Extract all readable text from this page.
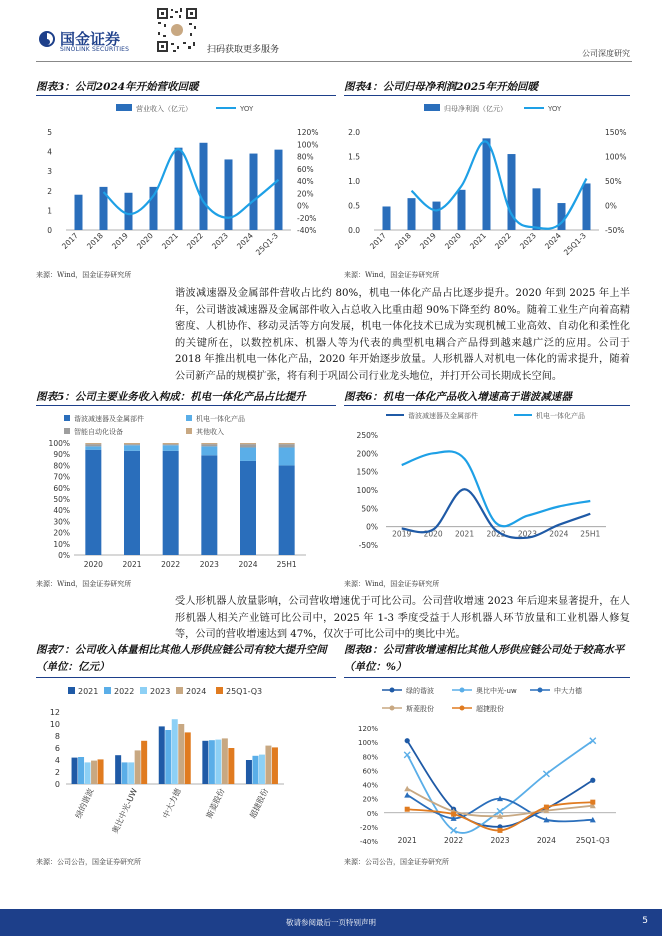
国金证券
SINOLINK SECURITIES	扫码获取更多服务	公司深度研究
图表3：公司2024年开始营收回暖
营业收入（亿元）	YOY
0
1
2
3
4
5
-40%
-20%
0%
20%
40%
60%
80%
100%
120%
2017 2018 2019 2020 2021 2022 2023 2024 25Q1-3
来源：Wind，国金证券研究所
图表4：公司归母净利润2025年开始回暖
归母净利润（亿元）	YOY
0.0
0.5
1.0
1.5
2.0
-50%
0%
50%
100%
150%
2017 2018 2019 2020 2021 2022 2023 2024 25Q1-3
来源：Wind，国金证券研究所
谐波减速器及金属部件营收占比约 80%，机电一体化产品占比逐步提升。2020 年到 2025 年上半年，公司谐波减速器及金属部件收入占总收入比重由超 90%下降至约 80%。随着工业生产向着高精密度、人机协作、移动灵活等方向发展，机电一体化技术已成为实现机械工业高效、自动化和柔性化的关键所在，以数控机床、机器人等为代表的典型机电耦合产品得到越来越广泛的应用。公司于 2018 年推出机电一体化产品，2020 年开始逐步放量。人形机器人对机电一体化的需求提升，随着公司新产品的规模扩张，将有利于巩固公司行业龙头地位，并打开公司长期成长空间。
图表5：公司主要业务收入构成：机电一体化产品占比提升
谐波减速器及金属部件	机电一体化产品
智能自动化设备	其他收入
0%
10%
20%
30%
40%
50%
60%
70%
80%
90%
100%
2020	2021	2022	2023	2024	25H1
来源：Wind，国金证券研究所
图表6：机电一体化产品收入增速高于谐波减速器
谐波减速器及金属部件	机电一体化产品
-50%
0%
50%
100%
150%
200%
250%
2019 2020 2021 2022 2023 2024 25H1
来源：Wind，国金证券研究所
受人形机器人放量影响，公司营收增速优于可比公司。公司营收增速 2023 年后迎来显著提升，在人形机器人相关产业链可比公司中，2025 年 1-3 季度受益于人形机器人环节放量和工业机器人修复等，公司的营收增速达到 47%，仅次于可比公司中的奥比中光。
图表7：公司收入体量相比其他人形供应链公司有较大提升空间（单位：亿元）
2021 2022 2023 2024 25Q1-Q3
0
2
4
6
8
10
12
绿的谐波 奥比中光-UW	中大力德	斯菱股份	超捷股份
来源：公司公告，国金证券研究所
图表8：公司营收增速相比其他人形供应链公司处于较高水平（单位：%）
绿的谐波	奥比中光-uw	中大力德
斯菱股份	超捷股份
-40%
-20%
0%
20%
40%
60%
80%
100%
120%
2021	2022	2023	2024	25Q1-Q3
来源：公司公告，国金证券研究所
敬请参阅最后一页特别声明	5
